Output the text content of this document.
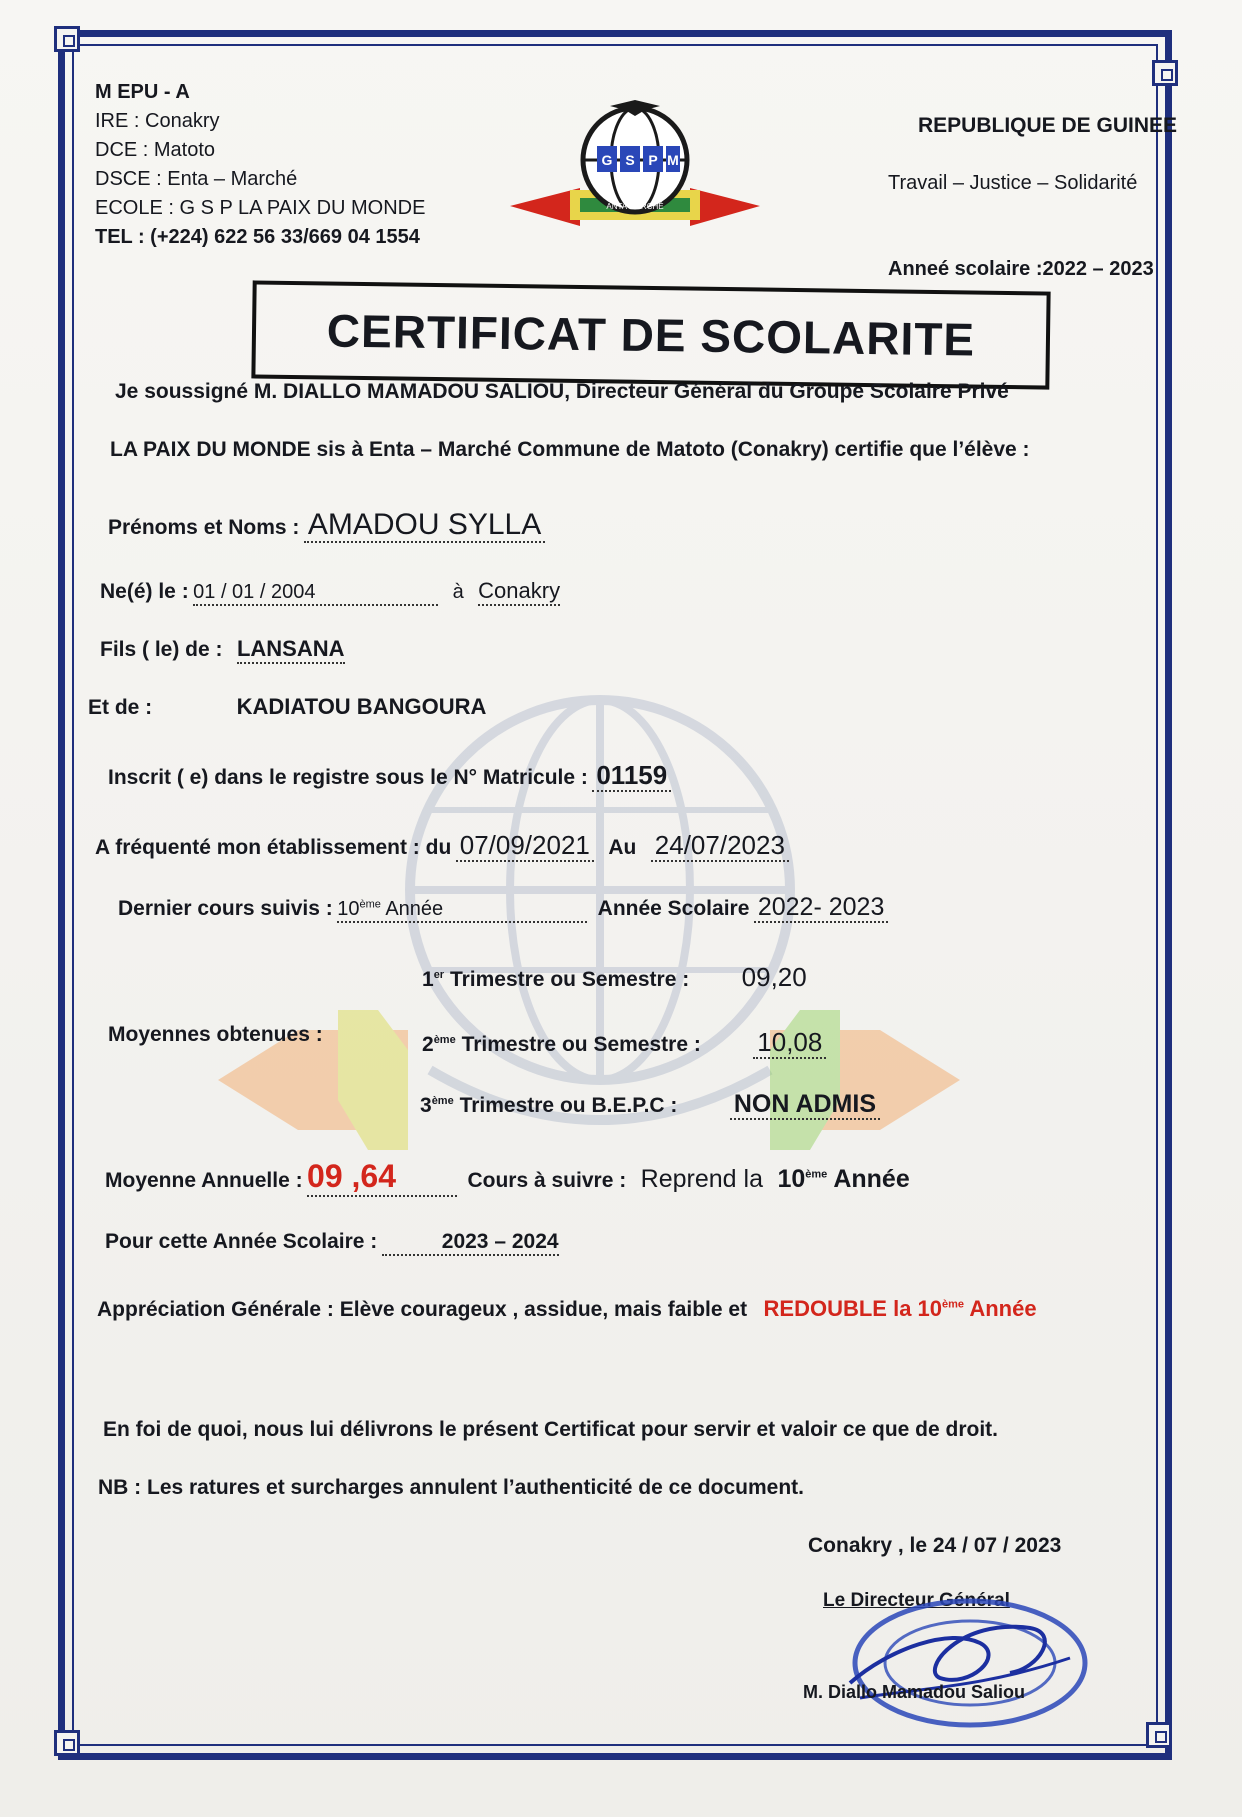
M EPU - A
IRE : Conakry
DCE : Matoto
DSCE : Enta – Marché
ECOLE : G S P LA PAIX DU MONDE
TEL : (+224) 622 56 33/669 04 1554
G S P M
ANTA MARCHÉ
REPUBLIQUE DE GUINEE
Travail – Justice – Solidarité
Anneé scolaire :2022 – 2023
CERTIFICAT DE SCOLARITE
Je soussigné M. DIALLO MAMADOU SALIOU, Directeur Général du Groupe Scolaire Privé
LA PAIX DU MONDE sis à Enta – Marché Commune de Matoto (Conakry) certifie que l’élève :
Prénoms et Noms : AMADOU SYLLA
Ne(é) le : 01 / 01 / 2004	à Conakry
Fils ( le) de : LANSANA
Et de :	KADIATOU BANGOURA
Inscrit ( e) dans le registre sous le N° Matricule : 01159
A fréquenté mon établissement : du 07/09/2021 Au 24/07/2023
Dernier cours suivis : 10ème Année	Année Scolaire 2022- 2023
Moyennes obtenues :
1er Trimestre ou Semestre : 09,20
2ème Trimestre ou Semestre : 10,08
3ème Trimestre ou B.E.P.C : NON ADMIS
Moyenne Annuelle : 09 ,64	Cours à suivre : Reprend la 10ème Année
Pour cette Année Scolaire :	2023 – 2024
Appréciation Générale : Elève courageux , assidue, mais faible et REDOUBLE la 10ème Année
En foi de quoi, nous lui délivrons le présent Certificat pour servir et valoir ce que de droit.
NB : Les ratures et surcharges annulent l’authenticité de ce document.
Conakry , le 24 / 07 / 2023
Le Directeur Général
M. Diallo Mamadou Saliou
